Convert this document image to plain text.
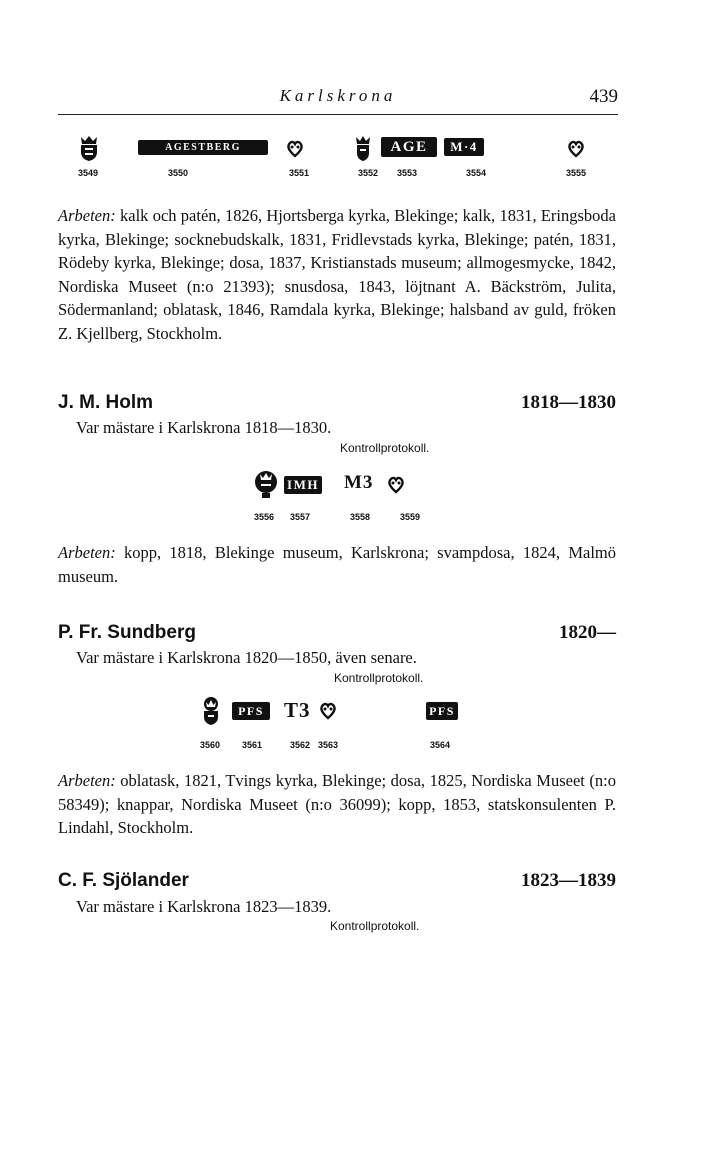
Karlskrona	439
3549
AGESTBERG
3550	3551	3552
AGE
3553
M·4
3554	3555
Arbeten: kalk och patén, 1826, Hjortsberga kyrka, Blekinge; kalk, 1831, Eringsboda kyrka, Blekinge; socknebudskalk, 1831, Fridlevstads kyrka, Blekinge; patén, 1831, Rödeby kyrka, Blekinge; dosa, 1837, Kristianstads museum; allmogesmycke, 1842, Nordiska Museet (n:o 21393); snusdosa, 1843, löjtnant A. Bäckström, Julita, Södermanland; oblatask, 1846, Ramdala kyrka, Blekinge; halsband av guld, fröken Z. Kjellberg, Stockholm.
J. M. Holm	1818—1830
Var mästare i Karlskrona 1818—1830.
Kontrollprotokoll.
3556
IMH
3557
M3
3558	3559
Arbeten: kopp, 1818, Blekinge museum, Karlskrona; svampdosa, 1824, Malmö museum.
P. Fr. Sundberg	1820—
Var mästare i Karlskrona 1820—1850, även senare.
Kontrollprotokoll.
3560
PFS
3561
T3
3562 3563
PFS
3564
Arbeten: oblatask, 1821, Tvings kyrka, Blekinge; dosa, 1825, Nordiska Museet (n:o 58349); knappar, Nordiska Museet (n:o 36099); kopp, 1853, statskonsulenten P. Lindahl, Stockholm.
C. F. Sjölander	1823—1839
Var mästare i Karlskrona 1823—1839.
Kontrollprotokoll.
